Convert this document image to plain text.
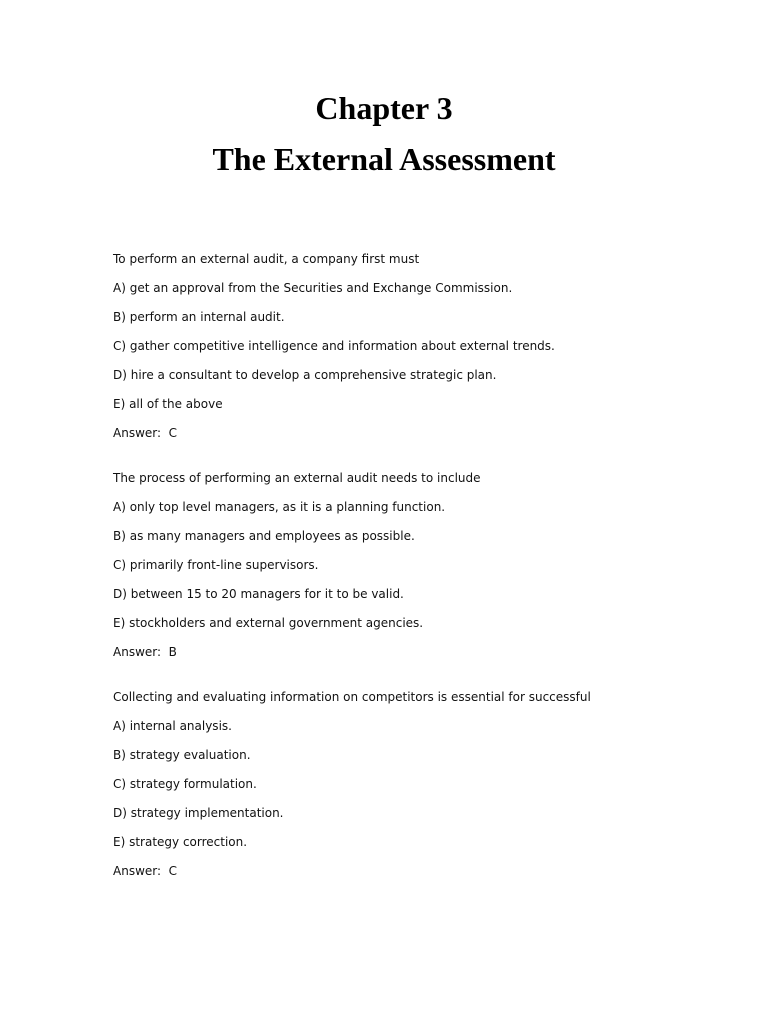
Chapter 3
The External Assessment
To perform an external audit, a company first must
A) get an approval from the Securities and Exchange Commission.
B) perform an internal audit.
C) gather competitive intelligence and information about external trends.
D) hire a consultant to develop a comprehensive strategic plan.
E) all of the above
Answer:  C
The process of performing an external audit needs to include
A) only top level managers, as it is a planning function.
B) as many managers and employees as possible.
C) primarily front-line supervisors.
D) between 15 to 20 managers for it to be valid.
E) stockholders and external government agencies.
Answer:  B
Collecting and evaluating information on competitors is essential for successful
A) internal analysis.
B) strategy evaluation.
C) strategy formulation.
D) strategy implementation.
E) strategy correction.
Answer:  C
